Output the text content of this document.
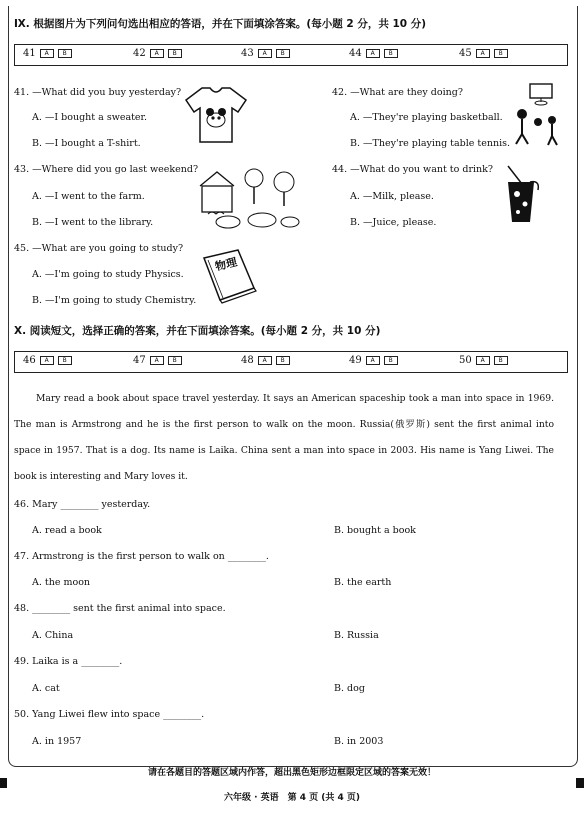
Ⅸ. 根据图片为下列问句选出相应的答语，并在下面填涂答案。(每小题 2 分，共 10 分)
41	A	B	42	A	B	43	A	B	44	A	B	45	A	B
41. —What did you buy yesterday?
A. —I bought a sweater.
B. —I bought a T-shirt.
42. —What are they doing?
A. —They're playing basketball.
B. —They're playing table tennis.
43. —Where did you go last weekend?
A. —I went to the farm.
B. —I went to the library.
44. —What do you want to drink?
A. —Milk, please.
B. —Juice, please.
45. —What are you going to study?
A. —I'm going to study Physics.
B. —I'm going to study Chemistry.
物理
Ⅹ. 阅读短文，选择正确的答案，并在下面填涂答案。(每小题 2 分，共 10 分)
46	A	B	47	A	B	48	A	B	49	A	B	50	A	B
Mary read a book about space travel yesterday. It says an American spaceship took a man into space in 1969. The man is Armstrong and he is the first person to walk on the moon. Russia(俄罗斯) sent the first animal into space in 1957. That is a dog. Its name is Laika. China sent a man into space in 2003. His name is Yang Liwei. The book is interesting and Mary loves it.
46. Mary ________ yesterday.
A. read a book	B. bought a book
47. Armstrong is the first person to walk on ________.
A. the moon	B. the earth
48. ________ sent the first animal into space.
A. China	B. Russia
49. Laika is a ________.
A. cat	B. dog
50. Yang Liwei flew into space ________.
A. in 1957	B. in 2003
请在各题目的答题区域内作答，超出黑色矩形边框限定区域的答案无效！
六年级 · 英语　第 4 页 (共 4 页)
